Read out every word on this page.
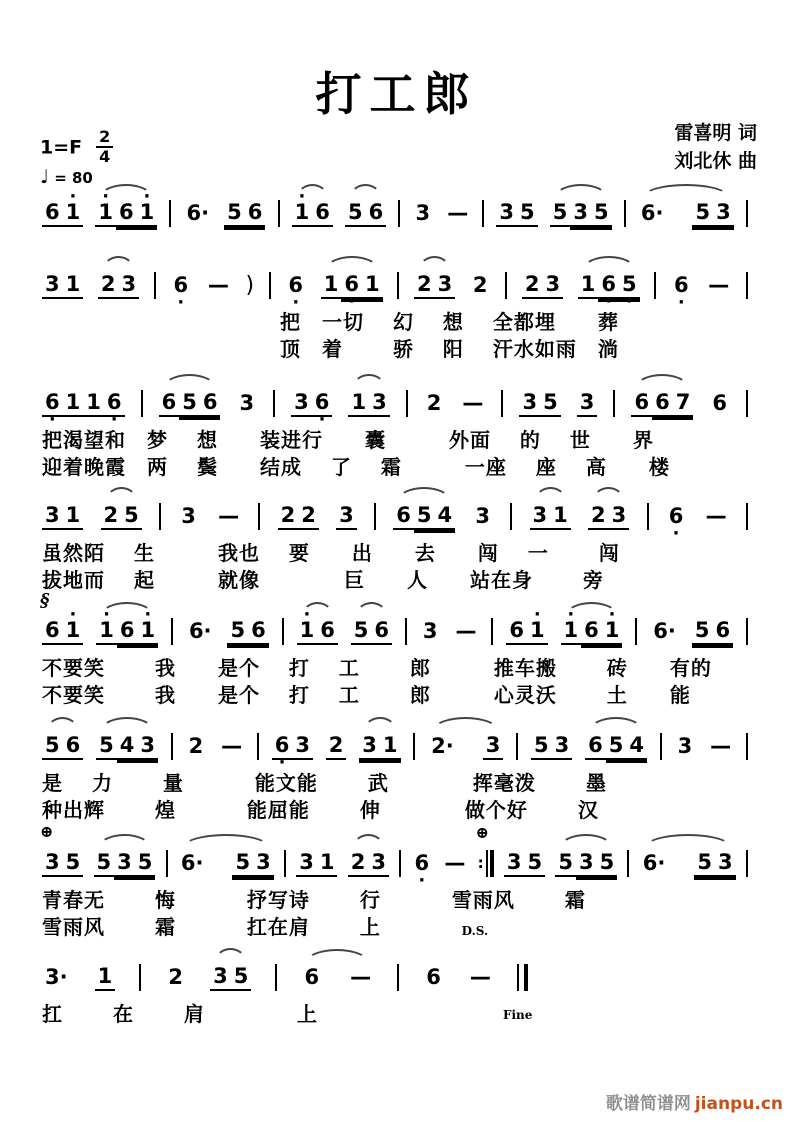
打工郎
雷喜明 词
刘北休 曲
$1=F \frac{2}{4}$
♩ = 80
6 · 1 · 1 6 · 1 6· 5 6 · 1 6 5 6 3 — 3 5 5 3 5 6· 5 3
3 1 2 3 6 · — ) 6 · 1 6 · 1 2 3 2 2 3 1 6 · 5 · 6 · —
把　一切　 幻　 想　 全都埋　　葬
顶　着　　 骄　 阳　 汗水如雨　淌
6 · 1 1 6 · 6 5 6 3 3 6 · 1 3 2 — 3 5 3 6 6 7 6
把渴望和　梦　 想　　装进行　　囊　　　外面　 的　 世　　界
迎着晚霞　两　 鬓　　结成　 了　 霜　　　一座　 座　 高　　楼
3 1 2 5 3 — 2 2 3 6 5 4 3 3 1 2 3 6 · —
虽然陌　 生　　　我也　 要　　出　　去　　闯　 一　　 闯
拔地而　 起　　　就像　　　　巨　　人　　站在身　　 旁
6
§
· 1 · 1 6 · 1 6· 5 6 · 1 6 5 6 3 — 6 · 1 · 1 6 · 1 6· 5 6
不要笑　　 我　　是个　 打　 工　　 郎　　　推车搬　　 砖　　有的
不要笑　　 我　　是个　 打　 工　　 郎　　　心灵沃　　 土　　能
5 6 5 4 3 2 — 6 · 3 2 3 1 2· 3 5 3 6 5 4 3 —
是　 力　　 量　　　 能文能　　 武　　　　挥毫泼　　 墨
种出辉　　 煌　　　 能屈能　　 伸　　　　做个好　　 汉
3
⊕
5 5 3 5 6· 5 3 3 1 2 3 6 · — :
⊕
D.S.
3 5 5 3 5 6· 5 3
青春无　　 悔　　　 抒写诗　　 行　　　 雪雨风　　 霜
雪雨风　　 霜　　　 扛在肩　　 上
3· 1	2 3 5	6 —	6 —
Fine
扛　　 在　　 肩　　　　 上
歌谱简谱网 jianpu.cn
